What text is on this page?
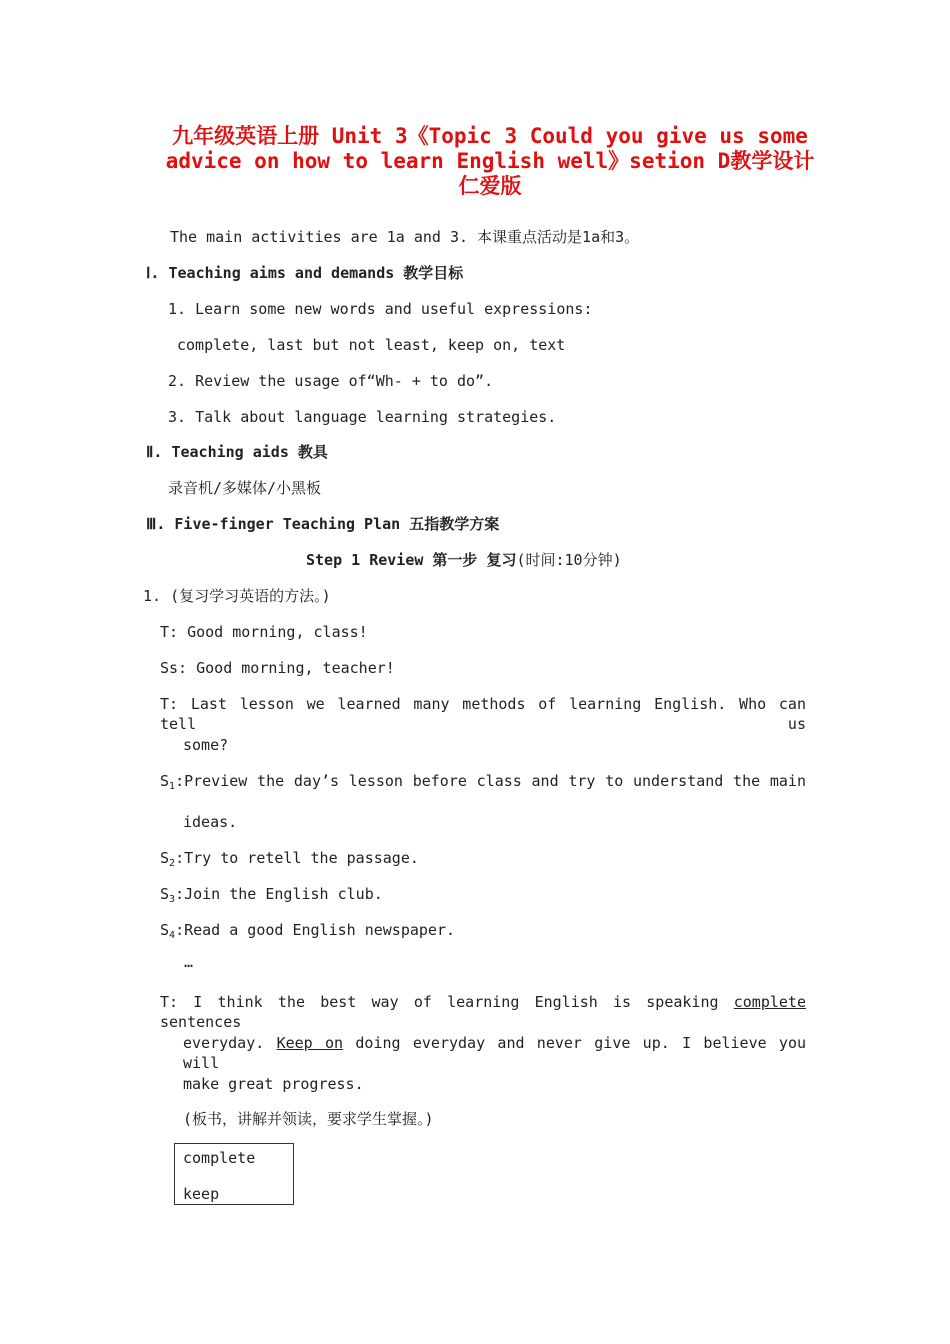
九年级英语上册 Unit 3《Topic 3 Could you give us some advice on how to learn English well》setion D教学设计 仁爱版
The main activities are 1a and 3. 本课重点活动是1a和3。
Ⅰ. Teaching aims and demands 教学目标
1. Learn some new words and useful expressions:
complete, last but not least, keep on, text
2. Review the usage of“Wh- + to do”.
3. Talk about language learning strategies.
Ⅱ. Teaching aids 教具
录音机/多媒体/小黑板
Ⅲ. Five-finger Teaching Plan 五指教学方案
Step 1 Review 第一步 复习(时间:10分钟)
1. (复习学习英语的方法。)
T: Good morning, class!
Ss: Good morning, teacher!
T: Last lesson we learned many methods of learning English. Who can tell us
some?
$S_1:Preview$ the day’s lesson before class and try to understand the main
ideas.
$S_2:Try$ to retell the passage.
$S_3:Join$ the English club.
$S_4:Read$ a good English newspaper.
…
T: I think the best way of learning English is speaking complete sentences
everyday. Keep on doing everyday and never give up. I believe you will
make great progress.
(板书，讲解并领读，要求学生掌握。)
complete
keep
